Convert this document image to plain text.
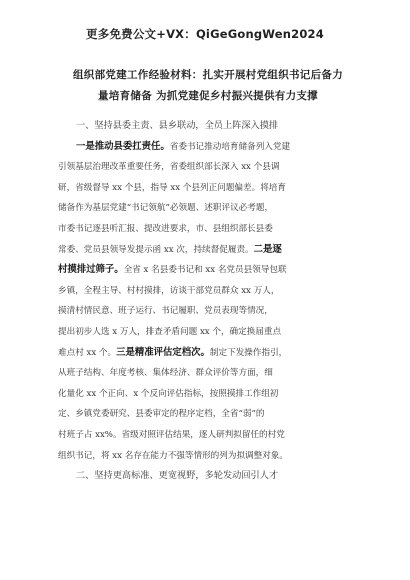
更多免费公文+VX：QiGeGongWen2024
组织部党建工作经验材料：扎实开展村党组织书记后备力
量培育储备 为抓党建促乡村振兴提供有力支撑
一、坚持县委主责、县乡联动，全员上阵深入摸排
一是推动县委扛责任。省委书记推动培育储备列入党建
引领基层治理改革重要任务，省委组织部长深入 xx 个县调
研，省级督导 xx 个县，指导 xx 个县列正问题偏差。将培育
储备作为基层党建“书记领航”必领题、述职评议必考题，
市委书记逐县听汇报、提改进要求，市、县组织部长县委
常委、党员县领导发提示函 xx 次，持续督促履责。二是逐
村摸排过筛子。全省 x 名县委书记和 xx 名党员县领导包联
乡镇，全程主导、村村摸排，访谈干部党员群众 xx 万人，
摸清村情民意、班子运行、书记履职、党员表现等情况，
提出初步人选 x 万人，排查矛盾问题 xx 个，确定换届重点
难点村 xx 个。三是精准评估定档次。制定下发操作指引，
从班子结构、年度考核、集体经济、群众评价等方面，细
化量化 xx 个正向、x 个反向评估指标，按照摸排工作组初
定、乡镇党委研究、县委审定的程序定档，全省“弱”的
村班子占 xx%。省级对照评估结果，逐人研判拟留任的村党
组织书记，将 xx 名存在能力不强等情形的列为拟调整对象。
二、坚持更高标准、更宽视野，多轮发动回引人才
